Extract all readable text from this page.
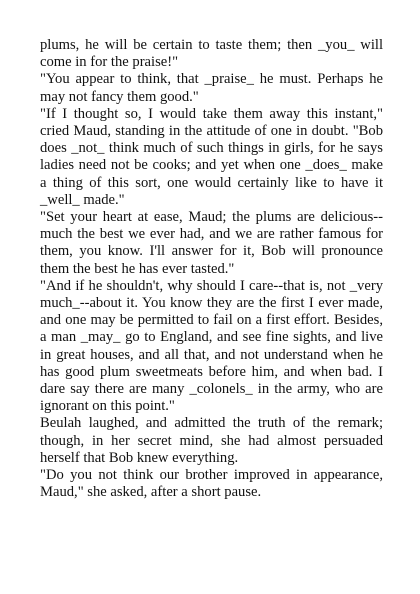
plums, he will be certain to taste them; then _you_ will come in for the praise!"

"You appear to think, that _praise_ he must. Perhaps he may not fancy them good."

"If I thought so, I would take them away this instant," cried Maud, standing in the attitude of one in doubt. "Bob does _not_ think much of such things in girls, for he says ladies need not be cooks; and yet when one _does_ make a thing of this sort, one would certainly like to have it _well_ made."

"Set your heart at ease, Maud; the plums are delicious--much the best we ever had, and we are rather famous for them, you know. I'll answer for it, Bob will pronounce them the best he has ever tasted."

"And if he shouldn't, why should I care--that is, not _very much_--about it. You know they are the first I ever made, and one may be permitted to fail on a first effort. Besides, a man _may_ go to England, and see fine sights, and live in great houses, and all that, and not understand when he has good plum sweetmeats before him, and when bad. I dare say there are many _colonels_ in the army, who are ignorant on this point."

Beulah laughed, and admitted the truth of the remark; though, in her secret mind, she had almost persuaded herself that Bob knew everything.

"Do you not think our brother improved in appearance, Maud," she asked, after a short pause.
